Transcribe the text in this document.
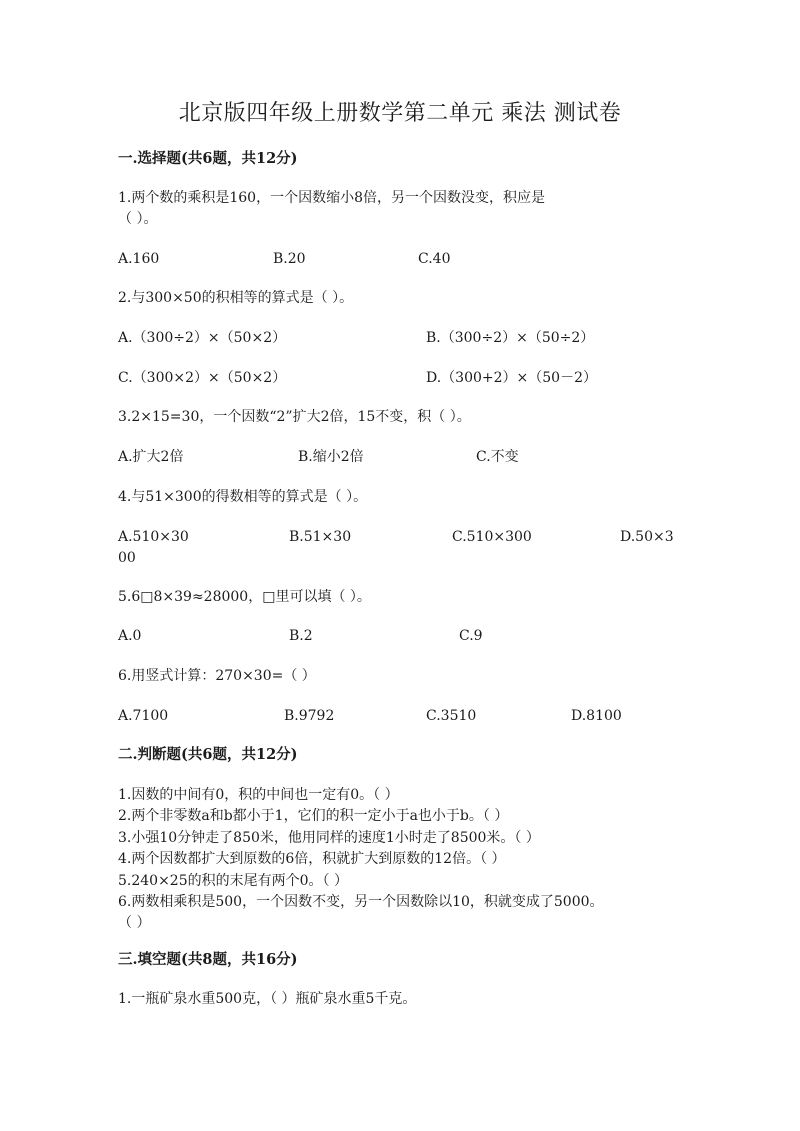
北京版四年级上册数学第二单元 乘法 测试卷
一.选择题(共6题，共12分)
1.两个数的乘积是160，一个因数缩小8倍，另一个因数没变，积应是
（ ）。
A.160	B.20	C.40
2.与300×50的积相等的算式是（ ）。
A.（300÷2）×（50×2）	B.（300÷2）×（50÷2）
C.（300×2）×（50×2）	D.（300+2）×（50－2）
3.2×15=30，一个因数“2”扩大2倍，15不变，积（ ）。
A.扩大2倍	B.缩小2倍	C.不变
4.与51×300的得数相等的算式是（ ）。
A.510×30	B.51×30	C.510×300	D.50×3
00
5.6□8×39≈28000，□里可以填（ ）。
A.0	B.2	C.9
6.用竖式计算：270×30=（ ）
A.7100	B.9792	C.3510	D.8100
二.判断题(共6题，共12分)
1.因数的中间有0，积的中间也一定有0。（ ）
2.两个非零数a和b都小于1，它们的积一定小于a也小于b。（ ）
3.小强10分钟走了850米，他用同样的速度1小时走了8500米。（ ）
4.两个因数都扩大到原数的6倍，积就扩大到原数的12倍。（ ）
5.240×25的积的末尾有两个0。（ ）
6.两数相乘积是500，一个因数不变，另一个因数除以10，积就变成了5000。
（ ）
三.填空题(共8题，共16分)
1.一瓶矿泉水重500克，（ ）瓶矿泉水重5千克。
